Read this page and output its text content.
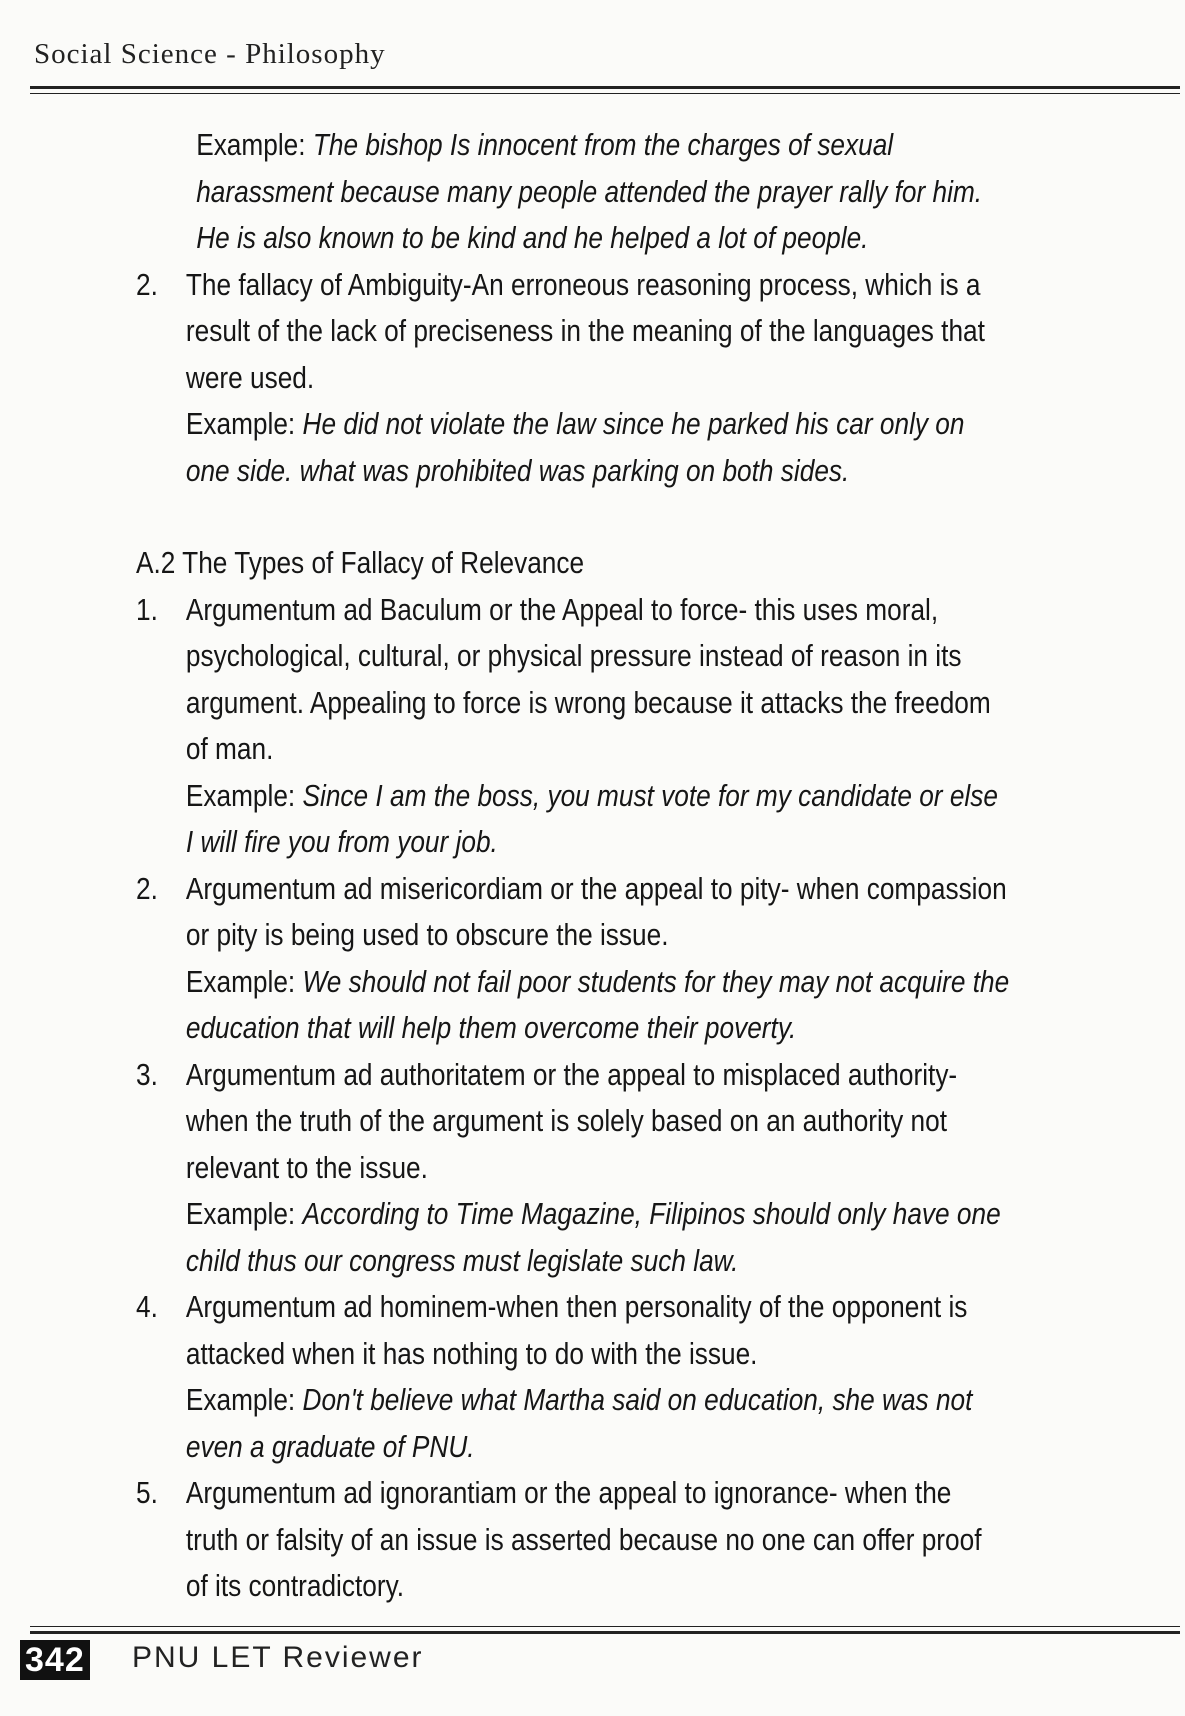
Social Science - Philosophy

Example: The bishop Is innocent from the charges of sexual harassment because many people attended the prayer rally for him. He is also known to be kind and he helped a lot of people.

2. The fallacy of Ambiguity-An erroneous reasoning process, which is a result of the lack of preciseness in the meaning of the languages that were used.

Example: He did not violate the law since he parked his car only on one side. what was prohibited was parking on both sides.

A.2 The Types of Fallacy of Relevance

1. Argumentum ad Baculum or the Appeal to force- this uses moral, psychological, cultural, or physical pressure instead of reason in its argument. Appealing to force is wrong because it attacks the freedom of man.

Example: Since I am the boss, you must vote for my candidate or else I will fire you from your job.

2. Argumentum ad misericordiam or the appeal to pity- when compassion or pity is being used to obscure the issue.

Example: We should not fail poor students for they may not acquire the education that will help them overcome their poverty.

3. Argumentum ad authoritatem or the appeal to misplaced authority- when the truth of the argument is solely based on an authority not relevant to the issue.

Example: According to Time Magazine, Filipinos should only have one child thus our congress must legislate such law.

4. Argumentum ad hominem-when then personality of the opponent is attacked when it has nothing to do with the issue.

Example: Don't believe what Martha said on education, she was not even a graduate of PNU.

5. Argumentum ad ignorantiam or the appeal to ignorance- when the truth or falsity of an issue is asserted because no one can offer proof of its contradictory.

342 PNU LET Reviewer
